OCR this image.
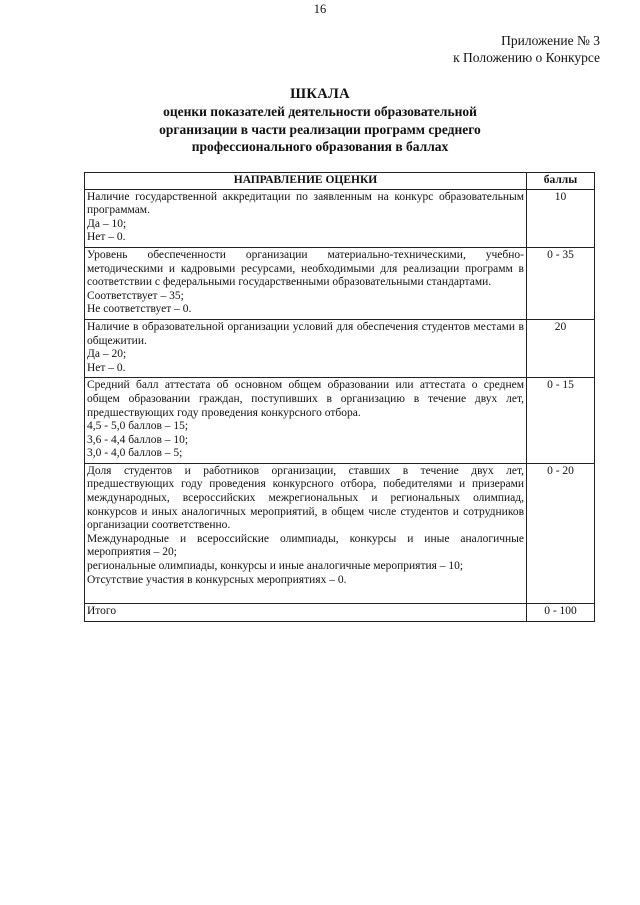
16
Приложение № 3
к Положению о Конкурсе
ШКАЛА
оценки показателей деятельности образовательной
организации в части реализации программ среднего
профессионального образования в баллах
НАПРАВЛЕНИЕ ОЦЕНКИ	баллы

Наличие государственной аккредитации по заявленным на конкурс образовательным программам.
Да – 10;
Нет – 0.	10

Уровень обеспеченности организации материально-техническими, учебно-методическими и кадровыми ресурсами, необходимыми для реализации программ в соответствии с федеральными государственными образовательными стандартами.
Соответствует – 35;
Не соответствует – 0.	0 - 35

Наличие в образовательной организации условий для обеспечения студентов местами в общежитии.
Да – 20;
Нет – 0.	20

Средний балл аттестата об основном общем образовании или аттестата о среднем общем образовании граждан, поступивших в организацию в течение двух лет, предшествующих году проведения конкурсного отбора.
4,5 - 5,0 баллов – 15;
3,6 - 4,4 баллов – 10;
3,0 - 4,0 баллов – 5;	0 - 15

Доля студентов и работников организации, ставших в течение двух лет, предшествующих году проведения конкурсного отбора, победителями и призерами международных, всероссийских межрегиональных и региональных олимпиад, конкурсов и иных аналогичных мероприятий, в общем числе студентов и сотрудников организации соответственно.
Международные и всероссийские олимпиады, конкурсы и иные аналогичные мероприятия – 20;
региональные олимпиады, конкурсы и иные аналогичные мероприятия – 10;
Отсутствие участия в конкурсных мероприятиях – 0.	0 - 20
Итого	0 - 100
